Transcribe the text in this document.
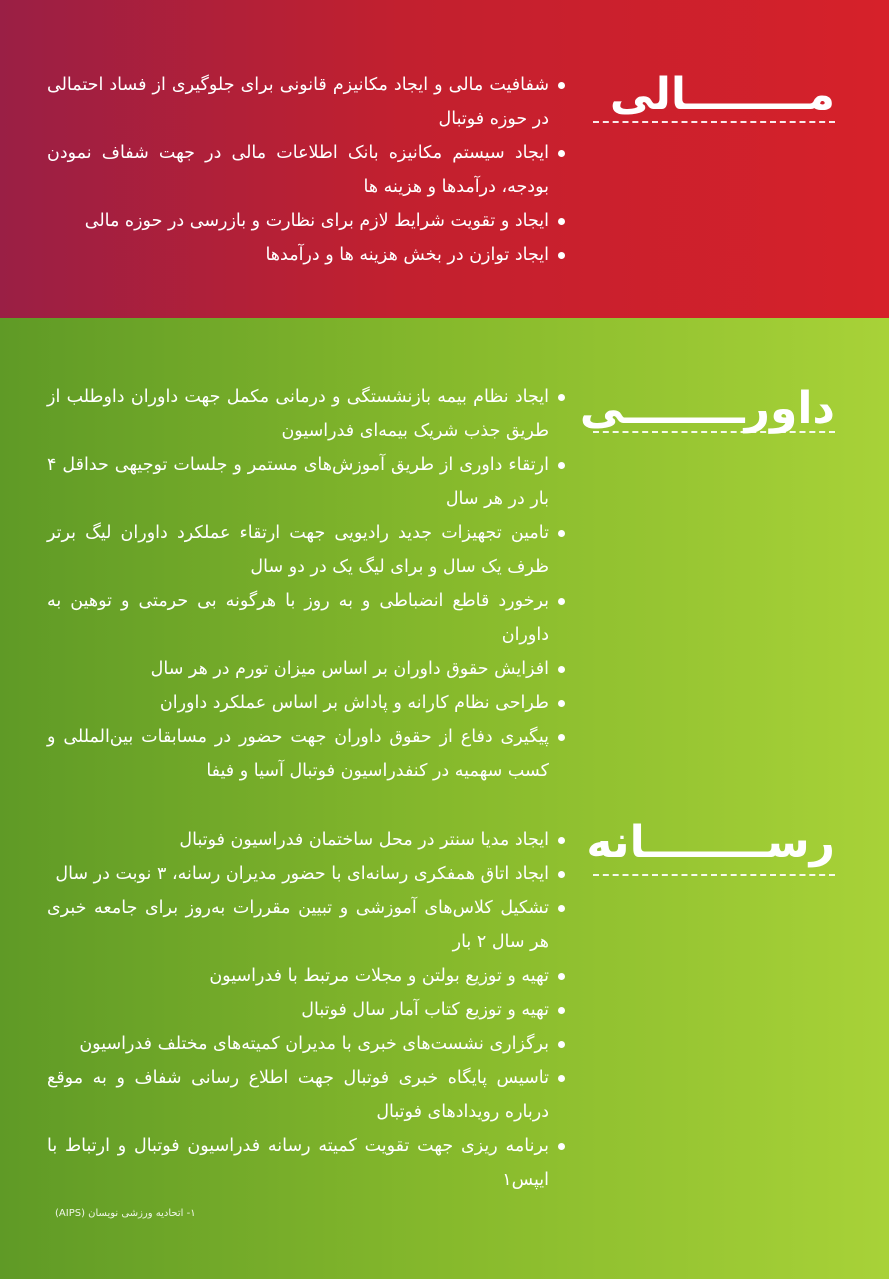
مــــــــالی
شفافیت مالی و ایجاد مکانیزم قانونی برای جلوگیری از فساد احتمالی در حوزه فوتبال
ایجاد سیستم مکانیزه بانک اطلاعات مالی در جهت شفاف نمودن بودجه، درآمدها و هزینه ها
ایجاد و تقویت شرایط لازم برای نظارت و بازرسی در حوزه مالی
ایجاد توازن در بخش هزینه ها و درآمدها
داور‌ــــــــی
ایجاد نظام بیمه بازنشستگی و درمانی مکمل جهت داوران داوطلب از طریق جذب شریک بیمه‌ای فدراسیون
ارتقاء داوری از طریق آموزش‌های مستمر و جلسات توجیهی حداقل ۴ بار در هر سال
تامین تجهیزات جدید رادیویی جهت ارتقاء عملکرد داوران لیگ برتر ظرف یک سال و برای لیگ یک در دو سال
برخورد قاطع انضباطی و به روز با هرگونه بی حرمتی و توهین به داوران
افزایش حقوق داوران بر اساس میزان تورم در هر سال
طراحی نظام کارانه و پاداش بر اساس عملکرد داوران
پیگیری دفاع از حقوق داوران جهت حضور در مسابقات بین‌المللی و کسب سهمیه در کنفدراسیون فوتبال آسیا و فیفا
رســــــــانه
ایجاد مدیا سنتر در محل ساختمان فدراسیون فوتبال
ایجاد اتاق همفکری رسانه‌ای با حضور مدیران رسانه، ۳ نوبت در سال
تشکیل کلاس‌های آموزشی و تبیین مقررات به‌روز برای جامعه خبری هر سال ۲ بار
تهیه و توزیع بولتن و مجلات مرتبط با فدراسیون
تهیه و توزیع کتاب آمار سال فوتبال
برگزاری نشست‌های خبری با مدیران کمیته‌های مختلف فدراسیون
تاسیس پایگاه خبری فوتبال جهت اطلاع رسانی شفاف و به موقع درباره رویدادهای فوتبال
برنامه ریزی جهت تقویت کمیته رسانه فدراسیون فوتبال و ارتباط با ایپس۱
۱- اتحادیه ورزشی نویسان (AIPS)
